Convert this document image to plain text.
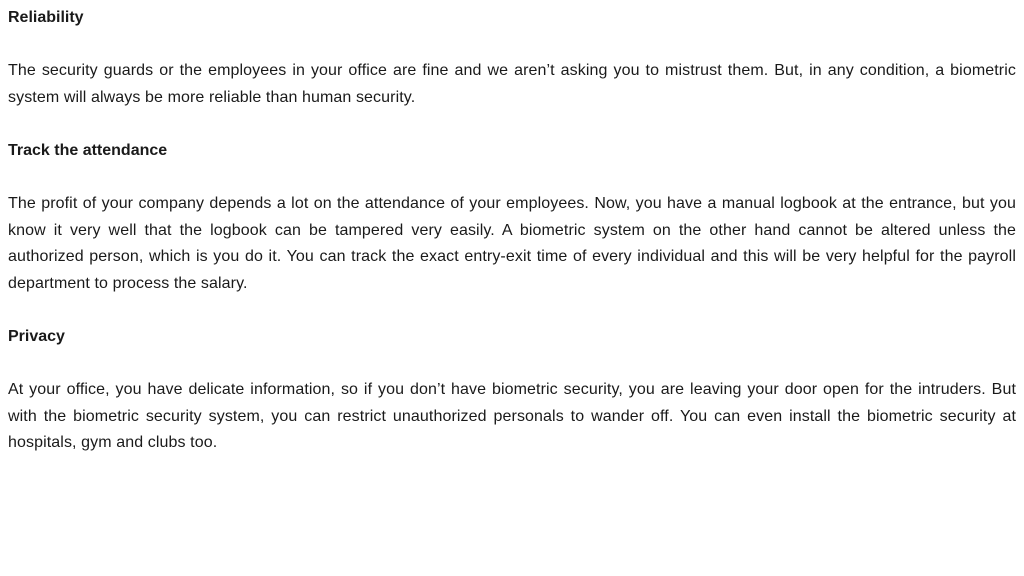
Reliability

The security guards or the employees in your office are fine and we aren’t asking you to mistrust them. But, in any condition, a biometric system will always be more reliable than human security.

Track the attendance

The profit of your company depends a lot on the attendance of your employees. Now, you have a manual logbook at the entrance, but you know it very well that the logbook can be tampered very easily. A biometric system on the other hand cannot be altered unless the authorized person, which is you do it. You can track the exact entry-exit time of every individual and this will be very helpful for the payroll department to process the salary.

Privacy

At your office, you have delicate information, so if you don’t have biometric security, you are leaving your door open for the intruders. But with the biometric security system, you can restrict unauthorized personals to wander off. You can even install the biometric security at hospitals, gym and clubs too.
